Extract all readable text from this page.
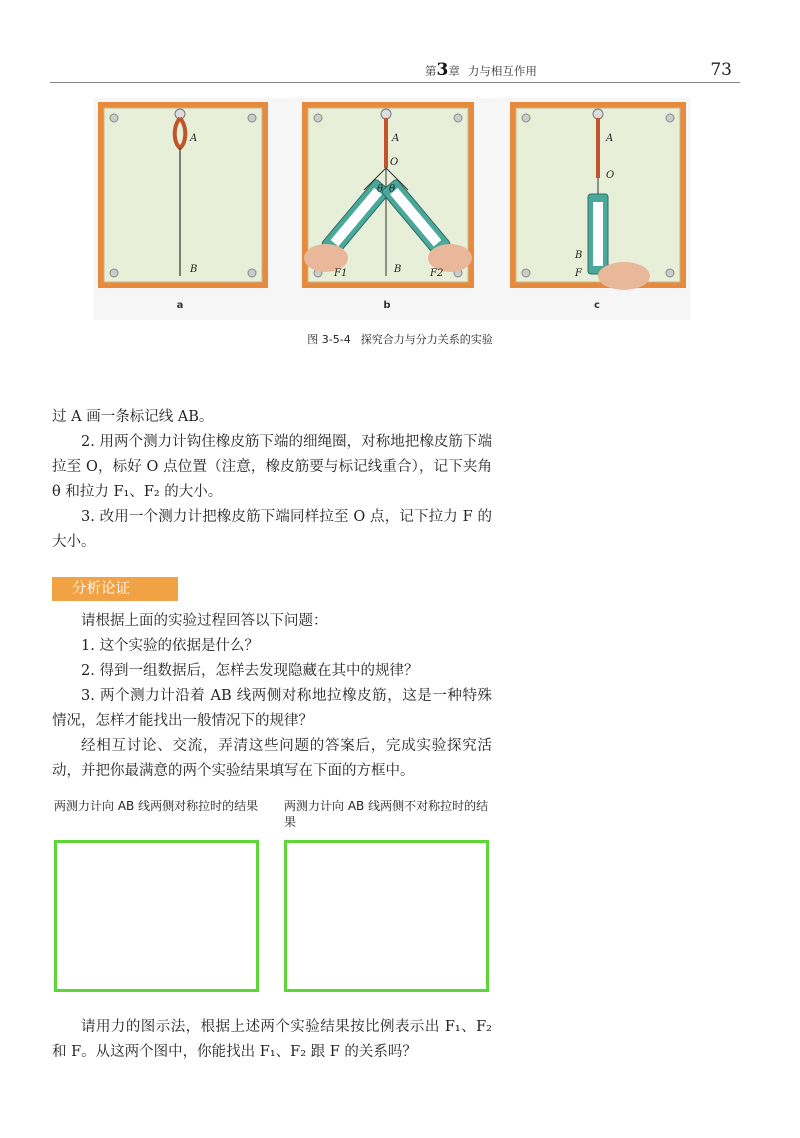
第3章 力与相互作用	73
A
B
A
O
θ θ
B
F1	F2
A
O
B
F
a	b	c
图 3-5-4 探究合力与分力关系的实验
过 A 画一条标记线 AB。
2. 用两个测力计钩住橡皮筋下端的细绳圈，对称地把橡皮筋下端拉至 O，标好 O 点位置（注意，橡皮筋要与标记线重合），记下夹角 θ 和拉力 F₁、F₂ 的大小。
3. 改用一个测力计把橡皮筋下端同样拉至 O 点，记下拉力 F 的大小。
分析论证
请根据上面的实验过程回答以下问题：
1. 这个实验的依据是什么？
2. 得到一组数据后，怎样去发现隐藏在其中的规律？
3. 两个测力计沿着 AB 线两侧对称地拉橡皮筋，这是一种特殊情况，怎样才能找出一般情况下的规律？
经相互讨论、交流，弄清这些问题的答案后，完成实验探究活动，并把你最满意的两个实验结果填写在下面的方框中。
两测力计向 AB 线两侧对称拉时的结果	两测力计向 AB 线两侧不对称拉时的结果
请用力的图示法，根据上述两个实验结果按比例表示出 F₁、F₂ 和 F。从这两个图中，你能找出 F₁、F₂ 跟 F 的关系吗？
